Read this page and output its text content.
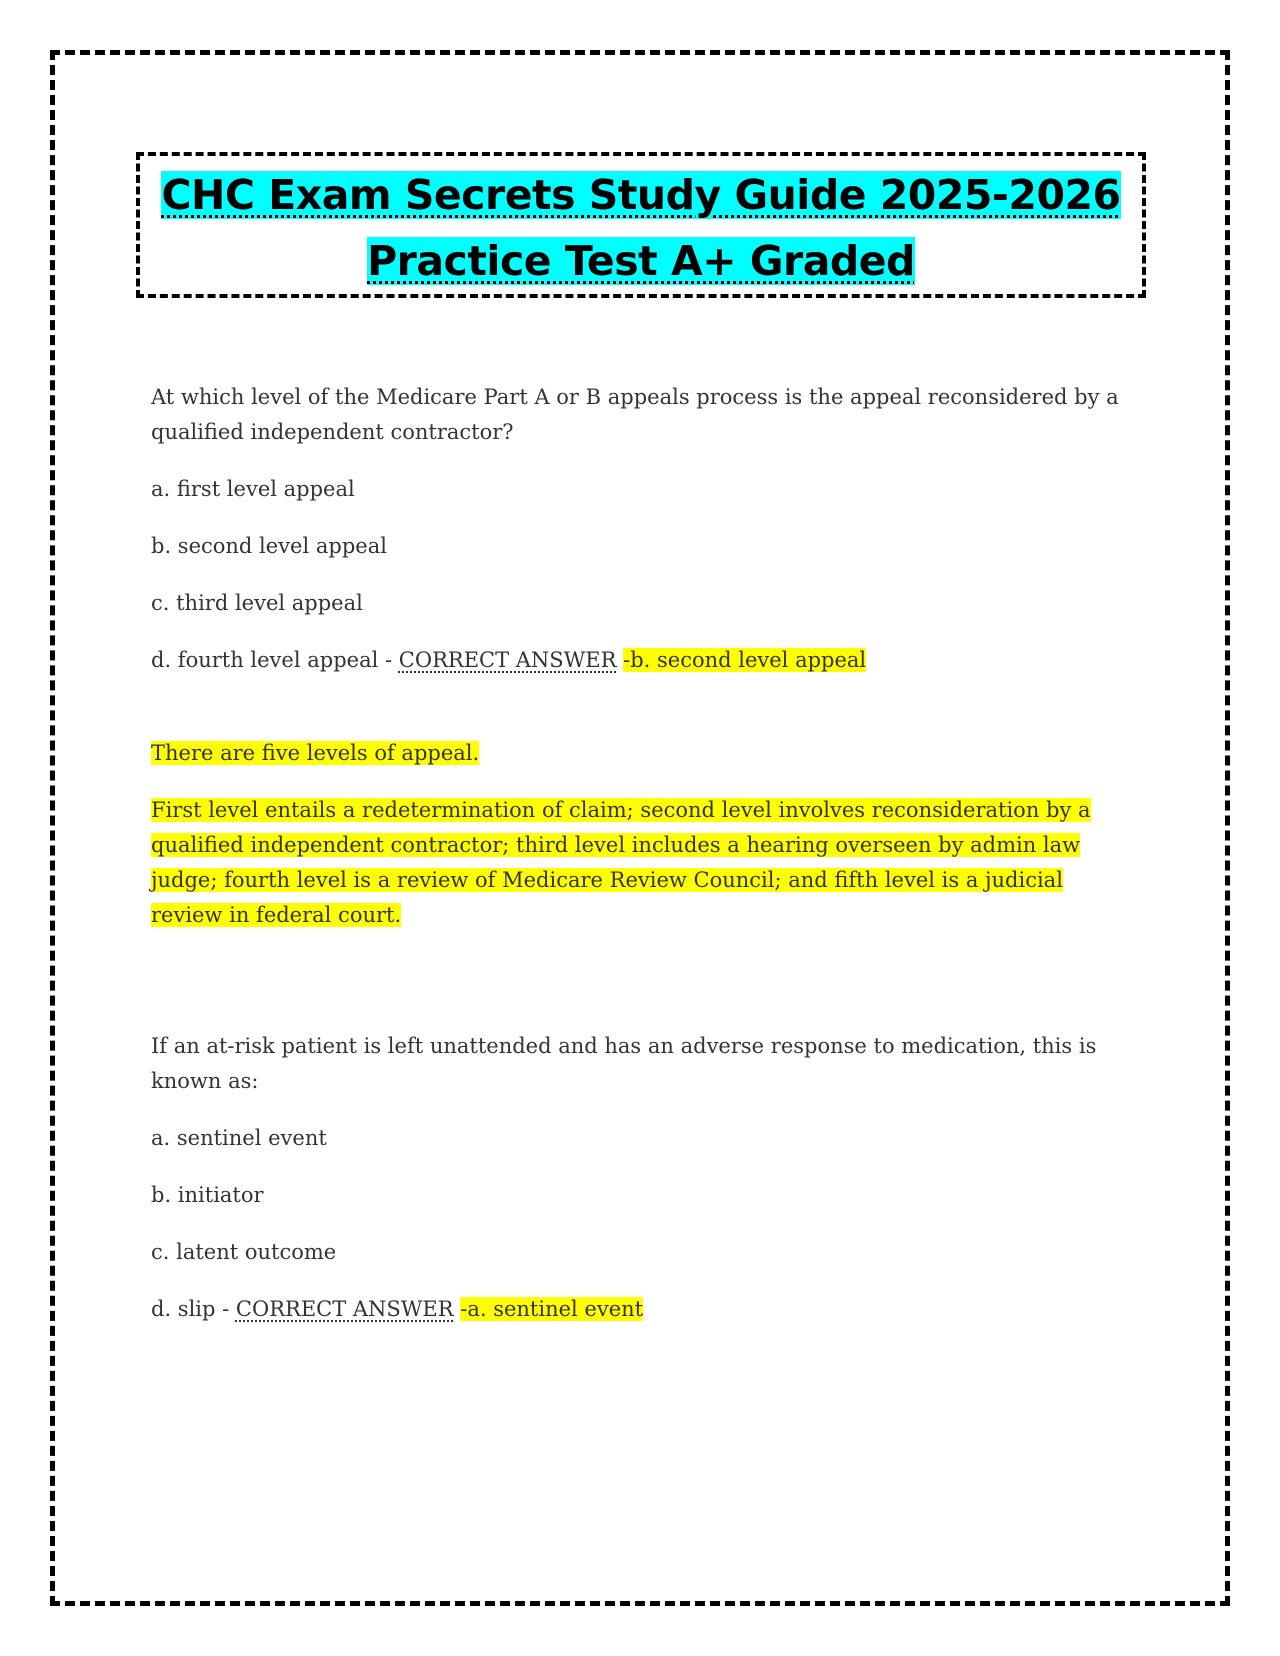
CHC Exam Secrets Study Guide 2025-2026
Practice Test A+ Graded

At which level of the Medicare Part A or B appeals process is the appeal reconsidered by a qualified independent contractor?

a. first level appeal

b. second level appeal

c. third level appeal

d. fourth level appeal - CORRECT ANSWER -b. second level appeal

There are five levels of appeal.

First level entails a redetermination of claim; second level involves reconsideration by a qualified independent contractor; third level includes a hearing overseen by admin law judge; fourth level is a review of Medicare Review Council; and fifth level is a judicial review in federal court.

If an at-risk patient is left unattended and has an adverse response to medication, this is known as:

a. sentinel event

b. initiator

c. latent outcome

d. slip - CORRECT ANSWER -a. sentinel event
